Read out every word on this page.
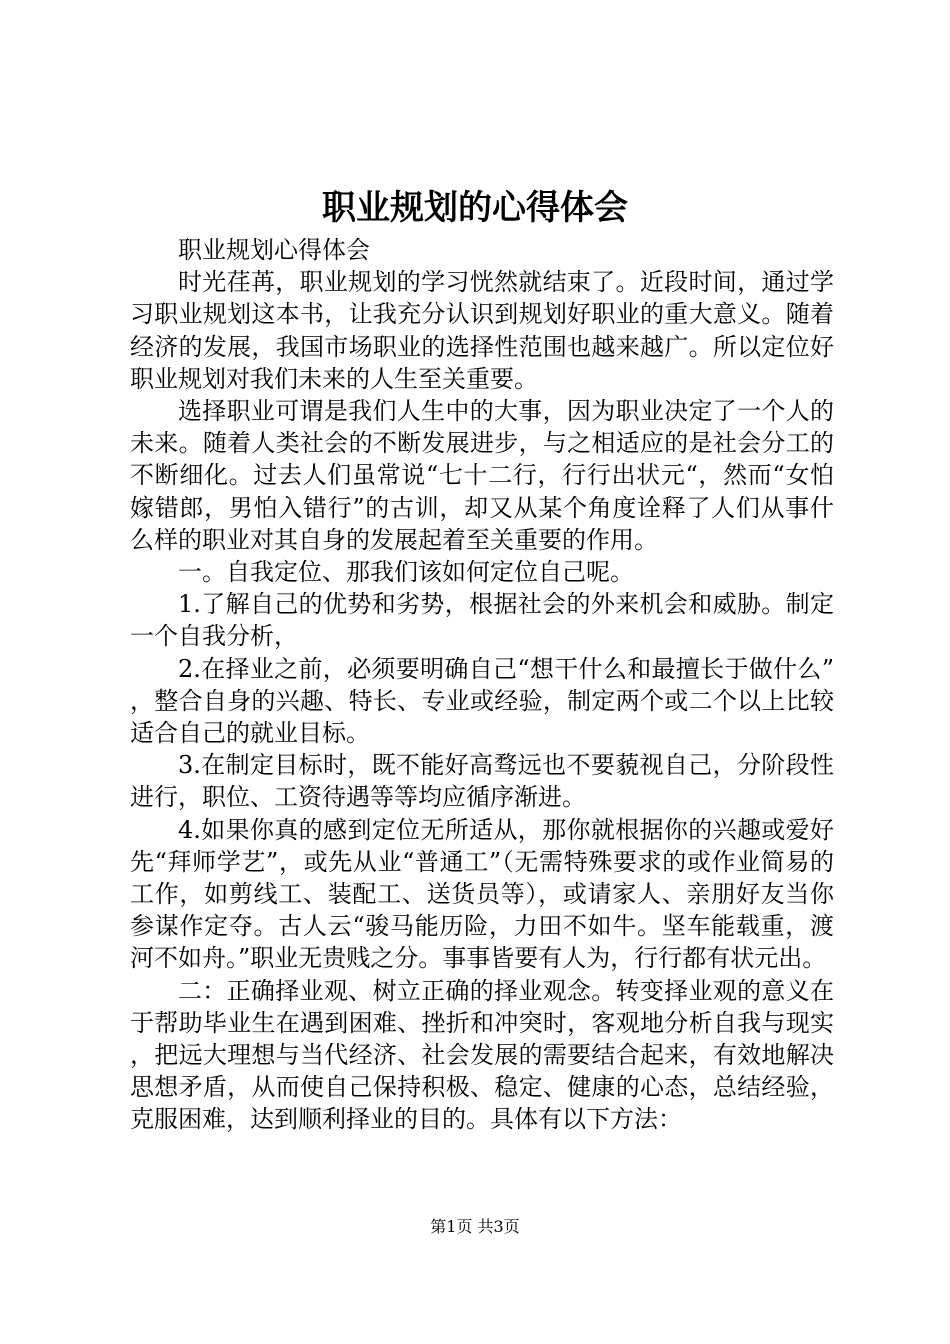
职业规划的心得体会

职业规划心得体会

时光荏苒，职业规划的学习恍然就结束了。近段时间，通过学习职业规划这本书，让我充分认识到规划好职业的重大意义。随着经济的发展，我国市场职业的选择性范围也越来越广。所以定位好职业规划对我们未来的人生至关重要。

选择职业可谓是我们人生中的大事，因为职业决定了一个人的未来。随着人类社会的不断发展进步，与之相适应的是社会分工的不断细化。过去人们虽常说“七十二行，行行出状元“，然而“女怕嫁错郎，男怕入错行”的古训，却又从某个角度诠释了人们从事什么样的职业对其自身的发展起着至关重要的作用。

一。自我定位、那我们该如何定位自己呢。

1.了解自己的优势和劣势，根据社会的外来机会和威胁。制定一个自我分析，

2.在择业之前，必须要明确自己“想干什么和最擅长于做什么”，整合自身的兴趣、特长、专业或经验，制定两个或二个以上比较适合自己的就业目标。

3.在制定目标时，既不能好高骛远也不要藐视自己，分阶段性进行，职位、工资待遇等等均应循序渐进。

4.如果你真的感到定位无所适从，那你就根据你的兴趣或爱好先“拜师学艺”，或先从业“普通工”（无需特殊要求的或作业简易的工作，如剪线工、装配工、送货员等），或请家人、亲朋好友当你参谋作定夺。古人云“骏马能历险，力田不如牛。坚车能载重，渡河不如舟。”职业无贵贱之分。事事皆要有人为，行行都有状元出。

二：正确择业观、树立正确的择业观念。转变择业观的意义在于帮助毕业生在遇到困难、挫折和冲突时，客观地分析自我与现实，把远大理想与当代经济、社会发展的需要结合起来，有效地解决思想矛盾，从而使自己保持积极、稳定、健康的心态，总结经验，克服困难，达到顺利择业的目的。具体有以下方法：

第1页 共3页
